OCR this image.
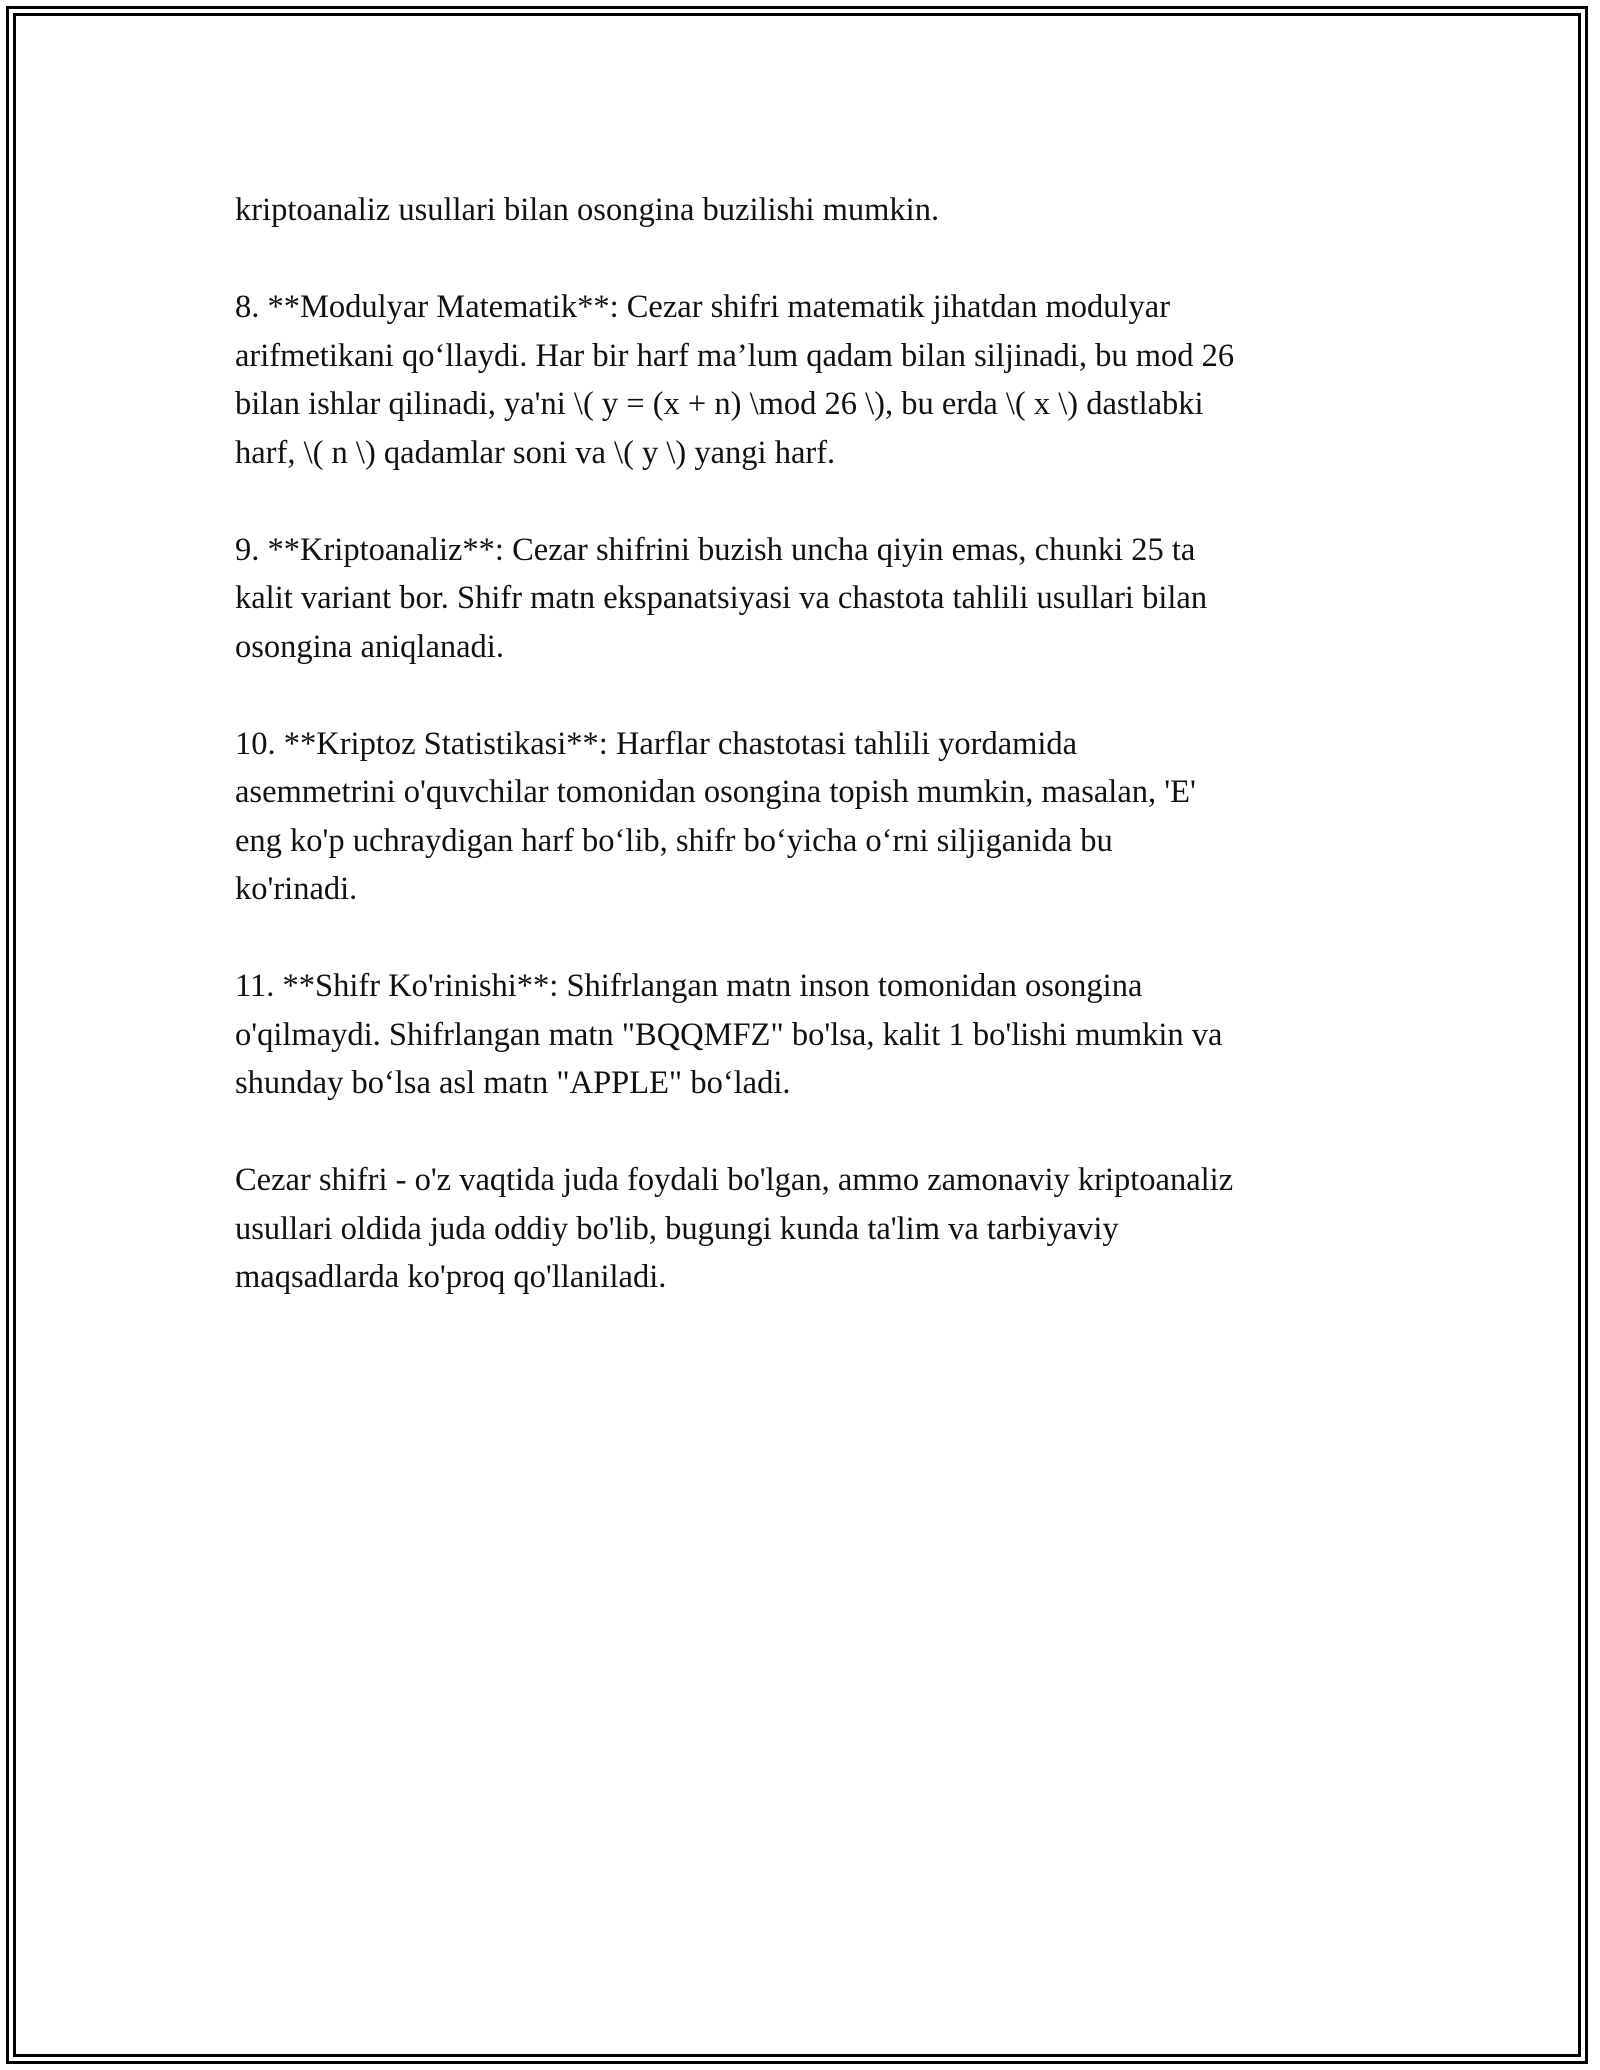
kriptoanaliz usullari bilan osongina buzilishi mumkin.

8. **Modulyar Matematik**: Cezar shifri matematik jihatdan modulyar
arifmetikani qo‘llaydi. Har bir harf ma’lum qadam bilan siljinadi, bu mod 26
bilan ishlar qilinadi, ya'ni \( y = (x + n) \mod 26 \), bu erda \( x \) dastlabki
harf, \( n \) qadamlar soni va \( y \) yangi harf.

9. **Kriptoanaliz**: Cezar shifrini buzish uncha qiyin emas, chunki 25 ta
kalit variant bor. Shifr matn ekspanatsiyasi va chastota tahlili usullari bilan
osongina aniqlanadi.

10. **Kriptoz Statistikasi**: Harflar chastotasi tahlili yordamida
asemmetrini o'quvchilar tomonidan osongina topish mumkin, masalan, 'E'
eng ko'p uchraydigan harf bo‘lib, shifr bo‘yicha o‘rni siljiganida bu
ko'rinadi.

11. **Shifr Ko'rinishi**: Shifrlangan matn inson tomonidan osongina
o'qilmaydi. Shifrlangan matn "BQQMFZ" bo'lsa, kalit 1 bo'lishi mumkin va
shunday bo‘lsa asl matn "APPLE" bo‘ladi.

Cezar shifri - o'z vaqtida juda foydali bo'lgan, ammo zamonaviy kriptoanaliz
usullari oldida juda oddiy bo'lib, bugungi kunda ta'lim va tarbiyaviy
maqsadlarda ko'proq qo'llaniladi.
